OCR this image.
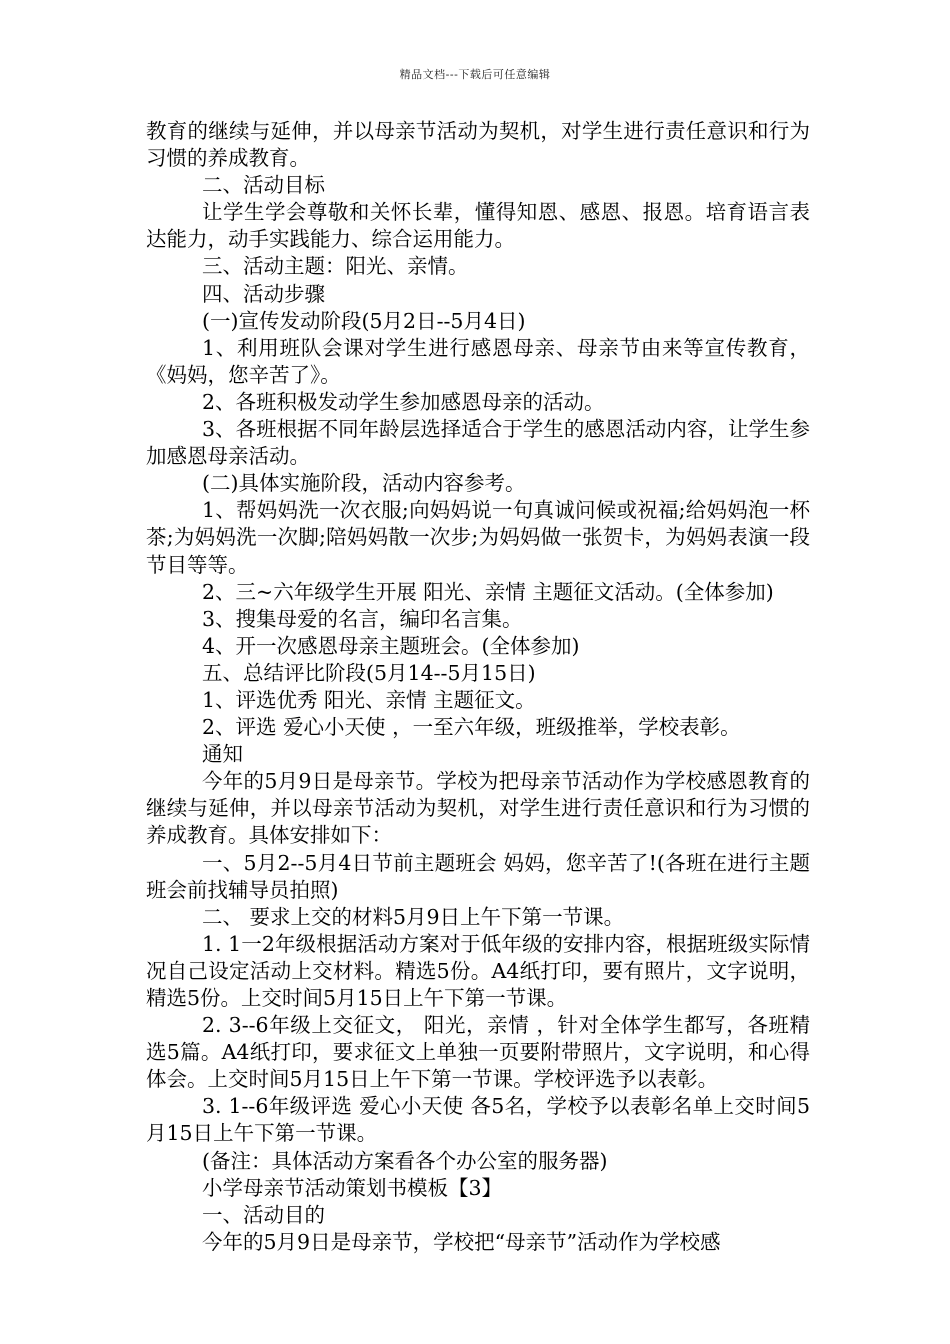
精品文档---下载后可任意编辑

教育的继续与延伸，并以母亲节活动为契机，对学生进行责任意识和行为习惯的养成教育。

二、活动目标

让学生学会尊敬和关怀长辈，懂得知恩、感恩、报恩。培育语言表达能力，动手实践能力、综合运用能力。

三、活动主题：阳光、亲情。

四、活动步骤

(一)宣传发动阶段(5月2日--5月4日)

1、利用班队会课对学生进行感恩母亲、母亲节由来等宣传教育，《妈妈，您辛苦了》。

2、各班积极发动学生参加感恩母亲的活动。

3、各班根据不同年龄层选择适合于学生的感恩活动内容，让学生参加感恩母亲活动。

(二)具体实施阶段，活动内容参考。

1、帮妈妈洗一次衣服;向妈妈说一句真诚问候或祝福;给妈妈泡一杯茶;为妈妈洗一次脚;陪妈妈散一次步;为妈妈做一张贺卡，为妈妈表演一段节目等等。

2、三~六年级学生开展 阳光、亲情 主题征文活动。(全体参加)

3、搜集母爱的名言，编印名言集。

4、开一次感恩母亲主题班会。(全体参加)

五、总结评比阶段(5月14--5月15日)

1、评选优秀 阳光、亲情 主题征文。

2、评选 爱心小天使 ，一至六年级，班级推举，学校表彰。

通知

今年的5月9日是母亲节。学校为把母亲节活动作为学校感恩教育的继续与延伸，并以母亲节活动为契机，对学生进行责任意识和行为习惯的养成教育。具体安排如下：

一、5月2--5月4日节前主题班会 妈妈，您辛苦了!(各班在进行主题班会前找辅导员拍照)

二、 要求上交的材料5月9日上午下第一节课。

1. 1一2年级根据活动方案对于低年级的安排内容，根据班级实际情况自己设定活动上交材料。精选5份。A4纸打印，要有照片，文字说明，精选5份。上交时间5月15日上午下第一节课。

2. 3--6年级上交征文， 阳光，亲情 ，针对全体学生都写，各班精选5篇。A4纸打印，要求征文上单独一页要附带照片，文字说明，和心得体会。上交时间5月15日上午下第一节课。学校评选予以表彰。

3. 1--6年级评选 爱心小天使 各5名，学校予以表彰名单上交时间5月15日上午下第一节课。

(备注：具体活动方案看各个办公室的服务器)

小学母亲节活动策划书模板【3】

一、活动目的

今年的5月9日是母亲节，学校把“母亲节”活动作为学校感
